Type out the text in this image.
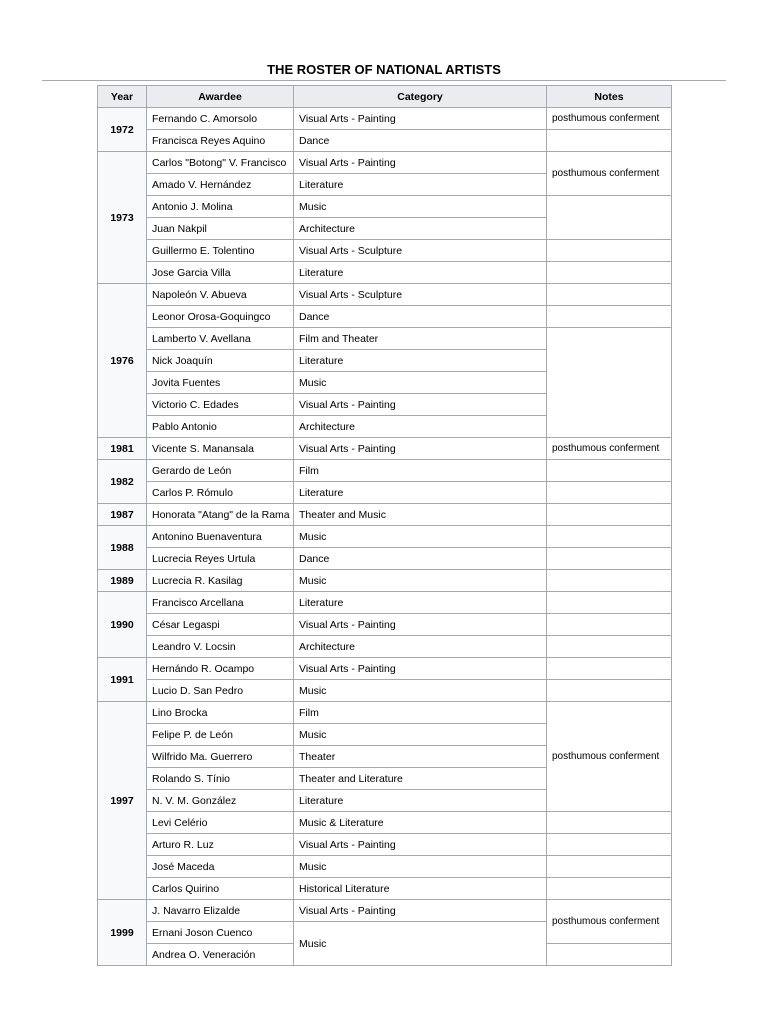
THE ROSTER OF NATIONAL ARTISTS
Year	Awardee	Category	Notes
1972	Fernando C. Amorsolo	Visual Arts - Painting	posthumous conferment
	Francisca Reyes Aquino	Dance	
1973	Carlos "Botong" V. Francisco	Visual Arts - Painting	posthumous conferment
	Amado V. Hernández	Literature	
	Antonio J. Molina	Music	
	Juan Nakpil	Architecture	
	Guillermo E. Tolentino	Visual Arts - Sculpture	
	Jose Garcia Villa	Literature	
1976	Napoleón V. Abueva	Visual Arts - Sculpture	
	Leonor Orosa-Goquingco	Dance	
	Lamberto V. Avellana	Film and Theater	
	Nick Joaquín	Literature	
	Jovita Fuentes	Music	
	Victorio C. Edades	Visual Arts - Painting	
	Pablo Antonio	Architecture	
1981	Vicente S. Manansala	Visual Arts - Painting	posthumous conferment
1982	Gerardo de León	Film	
	Carlos P. Rómulo	Literature	
1987	Honorata "Atang" de la Rama	Theater and Music	
1988	Antonino Buenaventura	Music	
	Lucrecia Reyes Urtula	Dance	
1989	Lucrecia R. Kasilag	Music	
1990	Francisco Arcellana	Literature	
	César Legaspi	Visual Arts - Painting	
	Leandro V. Locsin	Architecture	
1991	Hernándo R. Ocampo	Visual Arts - Painting	
	Lucio D. San Pedro	Music	
1997	Lino Brocka	Film	posthumous conferment
	Felipe P. de León	Music	
	Wilfrido Ma. Guerrero	Theater	
	Rolando S. Tínio	Theater and Literature	
	N. V. M. González	Literature	
	Levi Celério	Music & Literature	
	Arturo R. Luz	Visual Arts - Painting	
	José Maceda	Music	
	Carlos Quirino	Historical Literature	
1999	J. Navarro Elizalde	Visual Arts - Painting	posthumous conferment
	Ernani Joson Cuenco	Music	
	Andrea O. Veneración		
